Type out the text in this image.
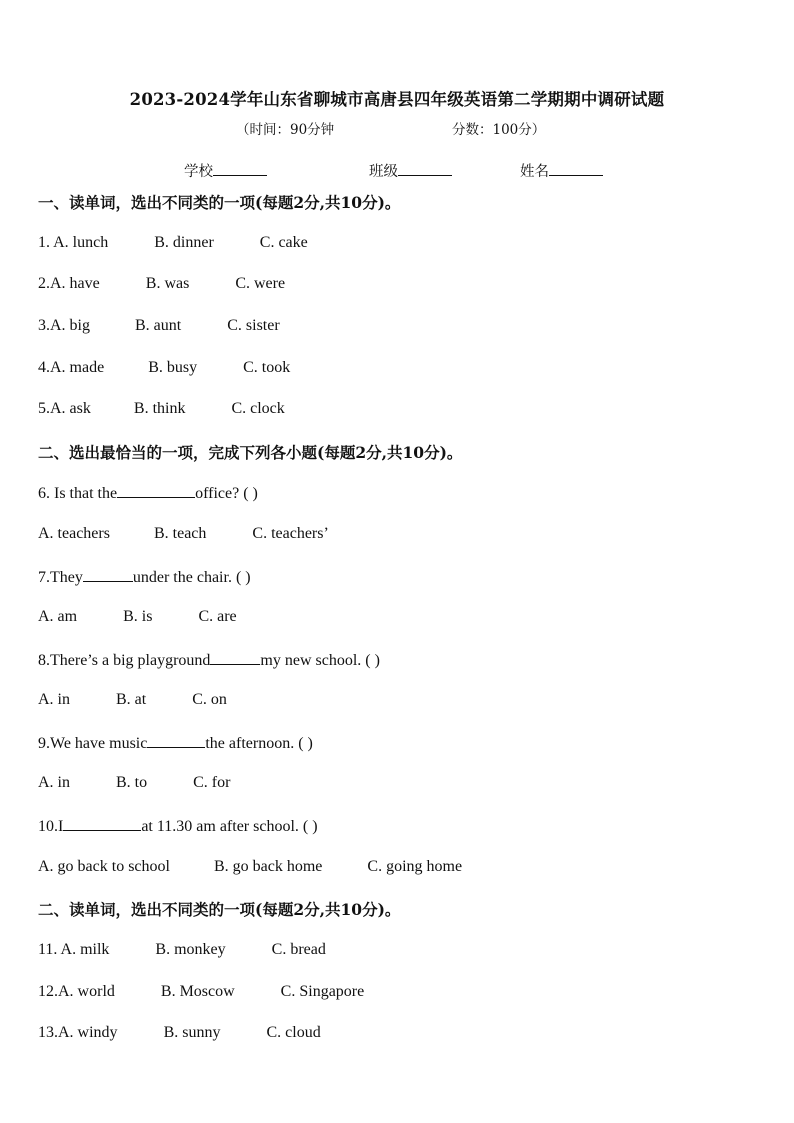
2023-2024学年山东省聊城市高唐县四年级英语第二学期期中调研试题
（时间：90分钟	分数：100分）
学校	班级	姓名
一、读单词，选出不同类的一项(每题2分,共10分)。
1. A. lunch	B. dinner	C. cake
2.A. have	B. was	C. were
3.A. big	B. aunt	C. sister
4.A. made	B. busy	C. took
5.A. ask	B. think	C. clock
二、选出最恰当的一项，完成下列各小题(每题2分,共10分)。
6. Is that the	office? ( )
A. teachers	B. teach	C. teachers’
7.They	under the chair. ( )
A. am	B. is	C. are
8.There’s a big playground	my new school. ( )
A. in	B. at	C. on
9.We have music	the afternoon. ( )
A. in	B. to	C. for
10.I	at 11.30 am after school. ( )
A. go back to school	B. go back home	C. going home
二、读单词，选出不同类的一项(每题2分,共10分)。
11. A. milk	B. monkey	C. bread
12.A. world	B. Moscow	C. Singapore
13.A. windy	B. sunny	C. cloud
